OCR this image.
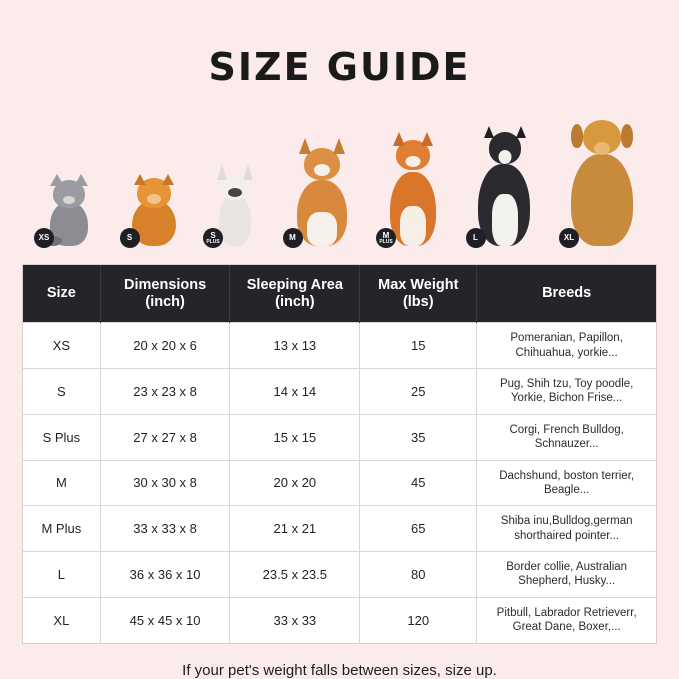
SIZE GUIDE
XS	S	S
PLUS	M	M
PLUS	L	XL
Size

Dimensions
(inch)

Sleeping Area
(inch)

Max Weight
(lbs)

Breeds

XS	20 x 20 x 6	13 x 13	15	Pomeranian, Papillon, Chihuahua, yorkie...
S	23 x 23 x 8	14 x 14	25	Pug, Shih tzu, Toy poodle, Yorkie, Bichon Frise...
S Plus	27 x 27 x 8	15 x 15	35	Corgi, French Bulldog, Schnauzer...
M	30 x 30 x 8	20 x 20	45	Dachshund, boston terrier, Beagle...
M Plus	33 x 33 x 8	21 x 21	65	Shiba inu,Bulldog,german shorthaired pointer...
L	36 x 36 x 10	23.5 x 23.5	80	Border collie, Australian Shepherd, Husky...
XL	45 x 45 x 10	33 x 33	120	Pitbull, Labrador Retrieverr, Great Dane, Boxer,...
If your pet's weight falls between sizes, size up.
